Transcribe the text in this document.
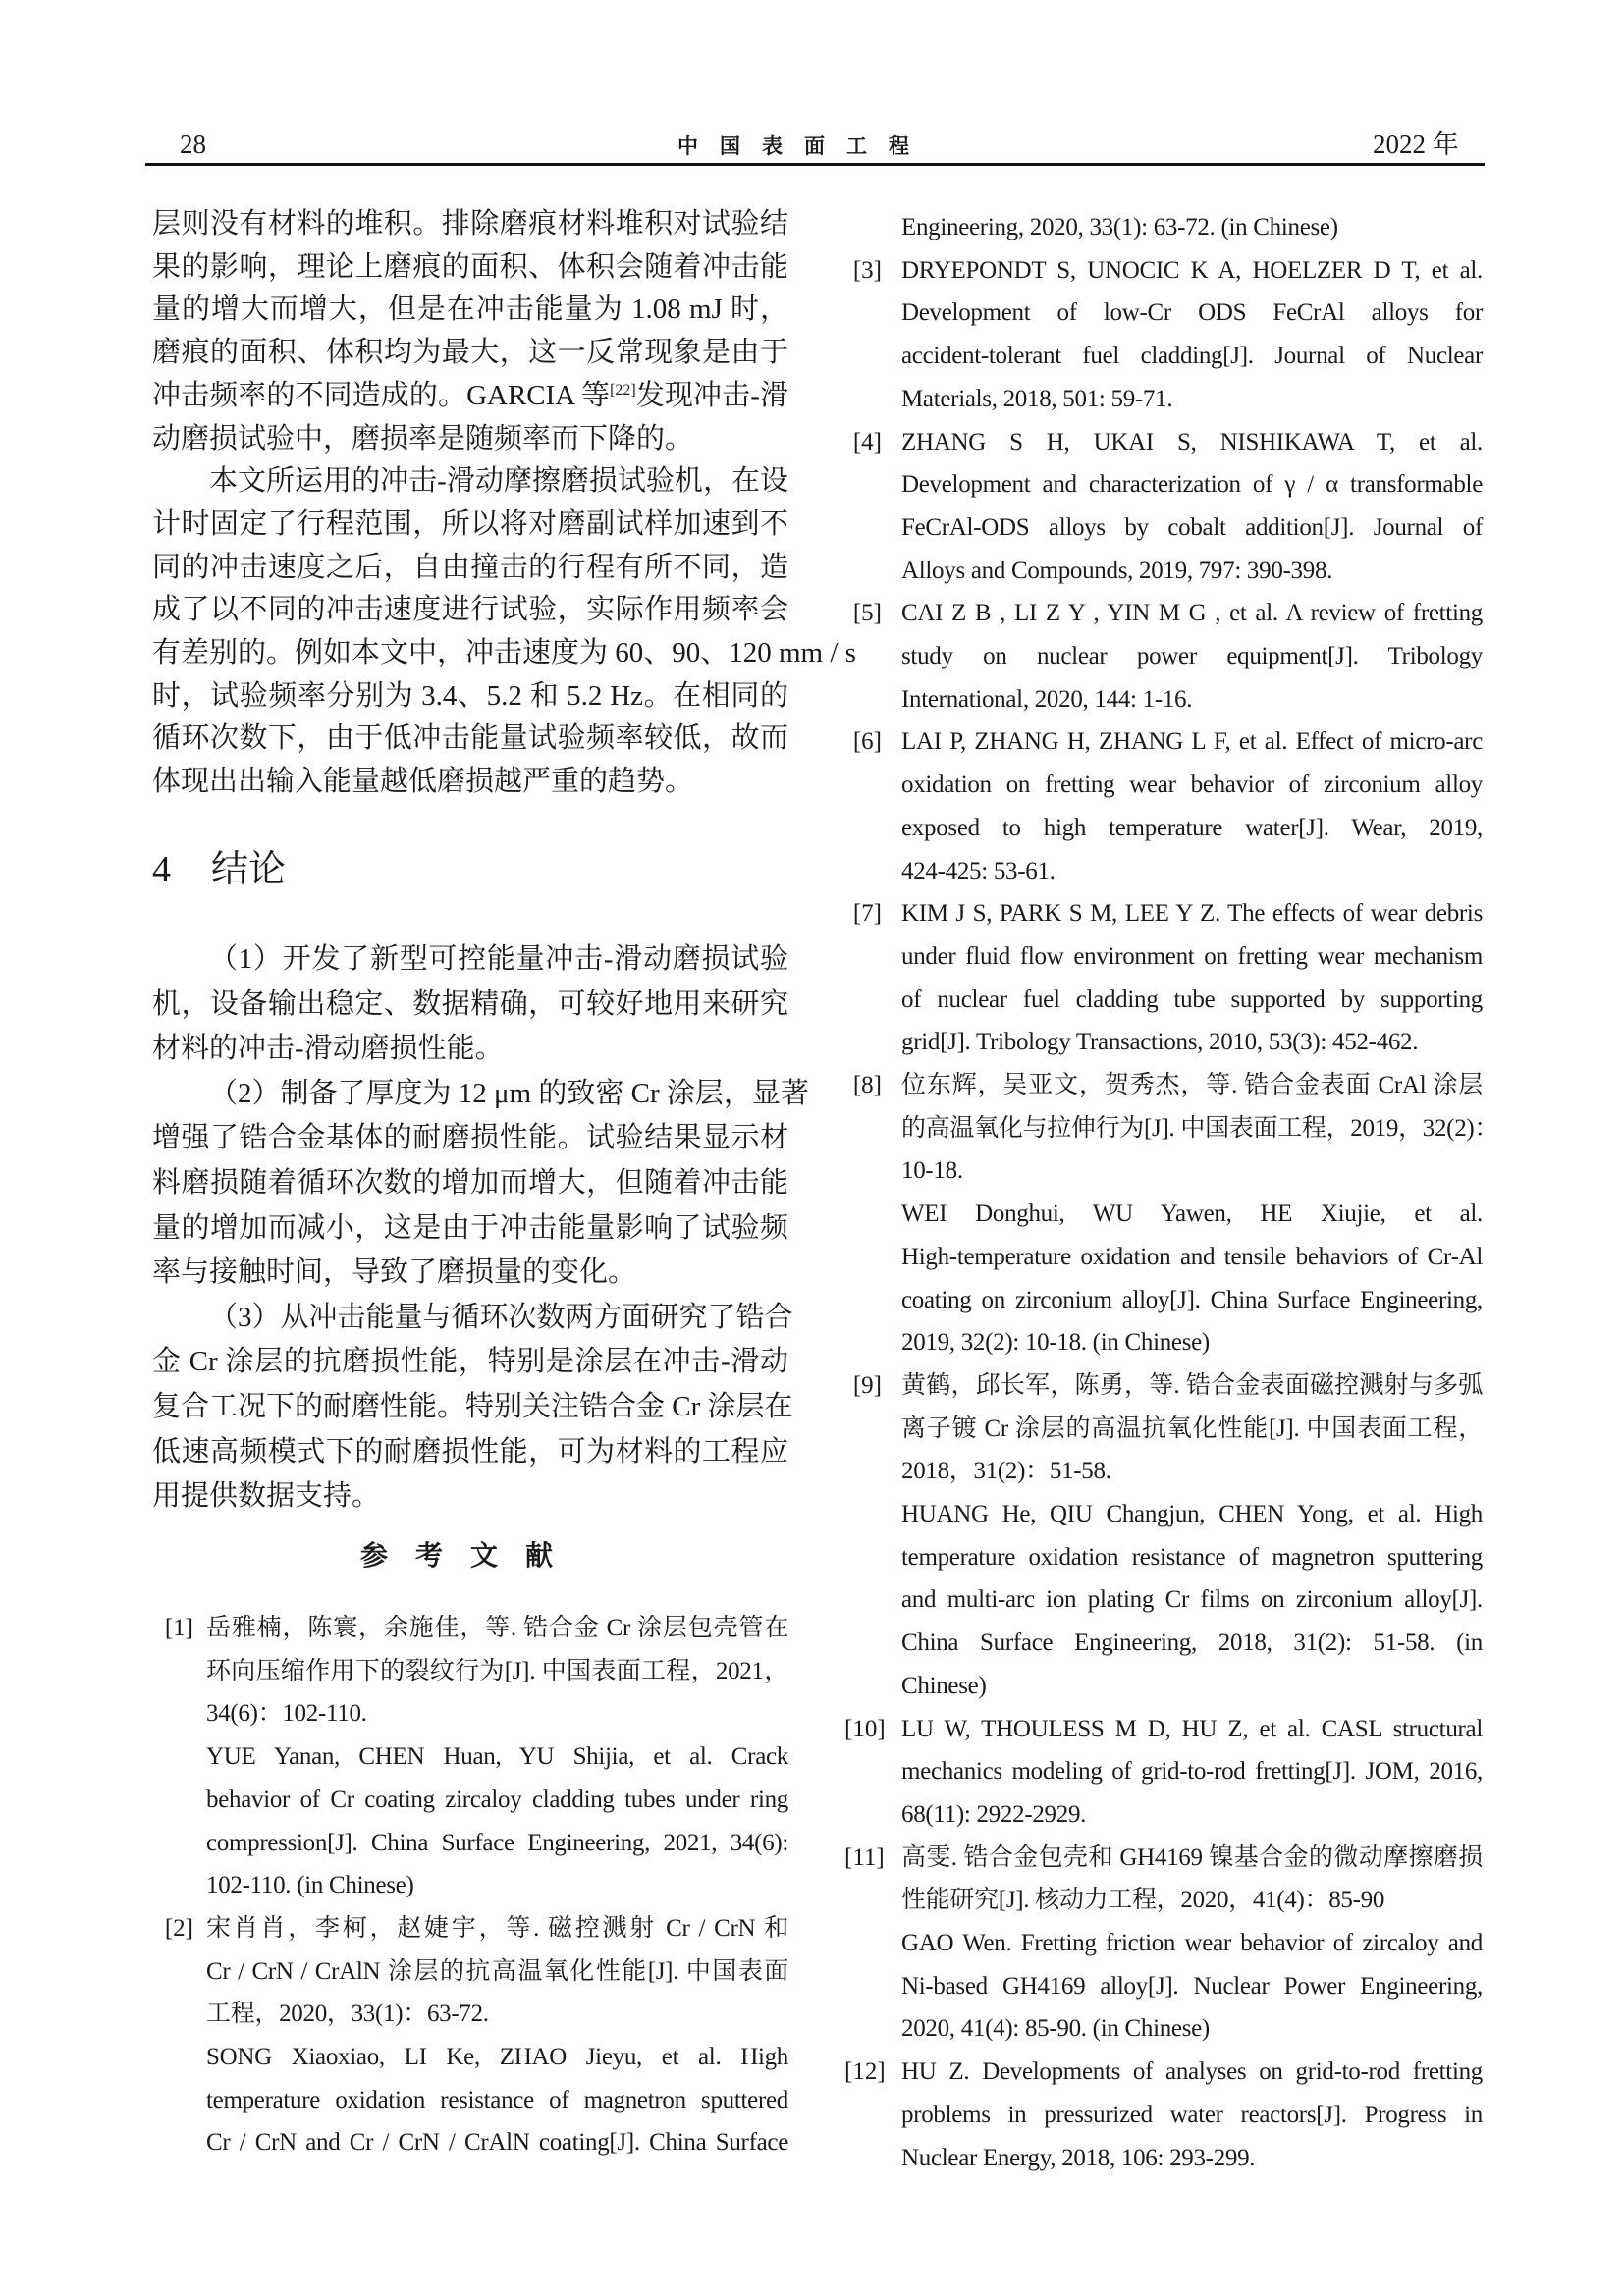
28	中国表面工程	2022 年
层则没有材料的堆积。排除磨痕材料堆积对试验结
果的影响，理论上磨痕的面积、体积会随着冲击能
量的增大而增大，但是在冲击能量为 1.08 mJ 时，
磨痕的面积、体积均为最大，这一反常现象是由于
冲击频率的不同造成的。GARCIA 等[22]发现冲击-滑
动磨损试验中，磨损率是随频率而下降的。
本文所运用的冲击-滑动摩擦磨损试验机，在设
计时固定了行程范围，所以将对磨副试样加速到不
同的冲击速度之后，自由撞击的行程有所不同，造
成了以不同的冲击速度进行试验，实际作用频率会
有差别的。例如本文中，冲击速度为 60、90、120 mm / s
时，试验频率分别为 3.4、5.2 和 5.2 Hz。在相同的
循环次数下，由于低冲击能量试验频率较低，故而
体现出出输入能量越低磨损越严重的趋势。
4 结论
（1）开发了新型可控能量冲击-滑动磨损试验
机，设备输出稳定、数据精确，可较好地用来研究
材料的冲击-滑动磨损性能。
（2）制备了厚度为 12 μm 的致密 Cr 涂层，显著
增强了锆合金基体的耐磨损性能。试验结果显示材
料磨损随着循环次数的增加而增大，但随着冲击能
量的增加而减小，这是由于冲击能量影响了试验频
率与接触时间，导致了磨损量的变化。
（3）从冲击能量与循环次数两方面研究了锆合
金 Cr 涂层的抗磨损性能，特别是涂层在冲击-滑动
复合工况下的耐磨性能。特别关注锆合金 Cr 涂层在
低速高频模式下的耐磨损性能，可为材料的工程应
用提供数据支持。
参考文献
[1] 岳雅楠，陈寰，余施佳，等. 锆合金 Cr 涂层包壳管在
环向压缩作用下的裂纹行为[J]. 中国表面工程，2021，
34(6)：102-110.
YUE Yanan, CHEN Huan, YU Shijia, et al. Crack
behavior of Cr coating zircaloy cladding tubes under ring
compression[J]. China Surface Engineering, 2021, 34(6):
102-110. (in Chinese)
[2] 宋肖肖，李柯，赵婕宇，等. 磁控溅射 Cr / CrN 和
Cr / CrN / CrAlN 涂层的抗高温氧化性能[J]. 中国表面
工程，2020，33(1)：63-72.
SONG Xiaoxiao, LI Ke, ZHAO Jieyu, et al. High
temperature oxidation resistance of magnetron sputtered
Cr / CrN and Cr / CrN / CrAlN coating[J]. China Surface
Engineering, 2020, 33(1): 63-72. (in Chinese)
[3] DRYEPONDT S, UNOCIC K A, HOELZER D T, et al.
Development of low-Cr ODS FeCrAl alloys for
accident-tolerant fuel cladding[J]. Journal of Nuclear
Materials, 2018, 501: 59-71.
[4] ZHANG S H, UKAI S, NISHIKAWA T, et al.
Development and characterization of γ / α transformable
FeCrAl-ODS alloys by cobalt addition[J]. Journal of
Alloys and Compounds, 2019, 797: 390-398.
[5] CAI Z B , LI Z Y , YIN M G , et al. A review of fretting
study on nuclear power equipment[J]. Tribology
International, 2020, 144: 1-16.
[6] LAI P, ZHANG H, ZHANG L F, et al. Effect of micro-arc
oxidation on fretting wear behavior of zirconium alloy
exposed to high temperature water[J]. Wear, 2019,
424-425: 53-61.
[7] KIM J S, PARK S M, LEE Y Z. The effects of wear debris
under fluid flow environment on fretting wear mechanism
of nuclear fuel cladding tube supported by supporting
grid[J]. Tribology Transactions, 2010, 53(3): 452-462.
[8] 位东辉，吴亚文，贺秀杰，等. 锆合金表面 CrAl 涂层
的高温氧化与拉伸行为[J]. 中国表面工程，2019，32(2)：
10-18.
WEI Donghui, WU Yawen, HE Xiujie, et al.
High-temperature oxidation and tensile behaviors of Cr-Al
coating on zirconium alloy[J]. China Surface Engineering,
2019, 32(2): 10-18. (in Chinese)
[9] 黄鹤，邱长军，陈勇，等. 锆合金表面磁控溅射与多弧
离子镀 Cr 涂层的高温抗氧化性能[J]. 中国表面工程，
2018，31(2)：51-58.
HUANG He, QIU Changjun, CHEN Yong, et al. High
temperature oxidation resistance of magnetron sputtering
and multi-arc ion plating Cr films on zirconium alloy[J].
China Surface Engineering, 2018, 31(2): 51-58. (in
Chinese)
[10] LU W, THOULESS M D, HU Z, et al. CASL structural
mechanics modeling of grid-to-rod fretting[J]. JOM, 2016,
68(11): 2922-2929.
[11] 高雯. 锆合金包壳和 GH4169 镍基合金的微动摩擦磨损
性能研究[J]. 核动力工程，2020，41(4)：85-90
GAO Wen. Fretting friction wear behavior of zircaloy and
Ni-based GH4169 alloy[J]. Nuclear Power Engineering,
2020, 41(4): 85-90. (in Chinese)
[12] HU Z. Developments of analyses on grid-to-rod fretting
problems in pressurized water reactors[J]. Progress in
Nuclear Energy, 2018, 106: 293-299.
